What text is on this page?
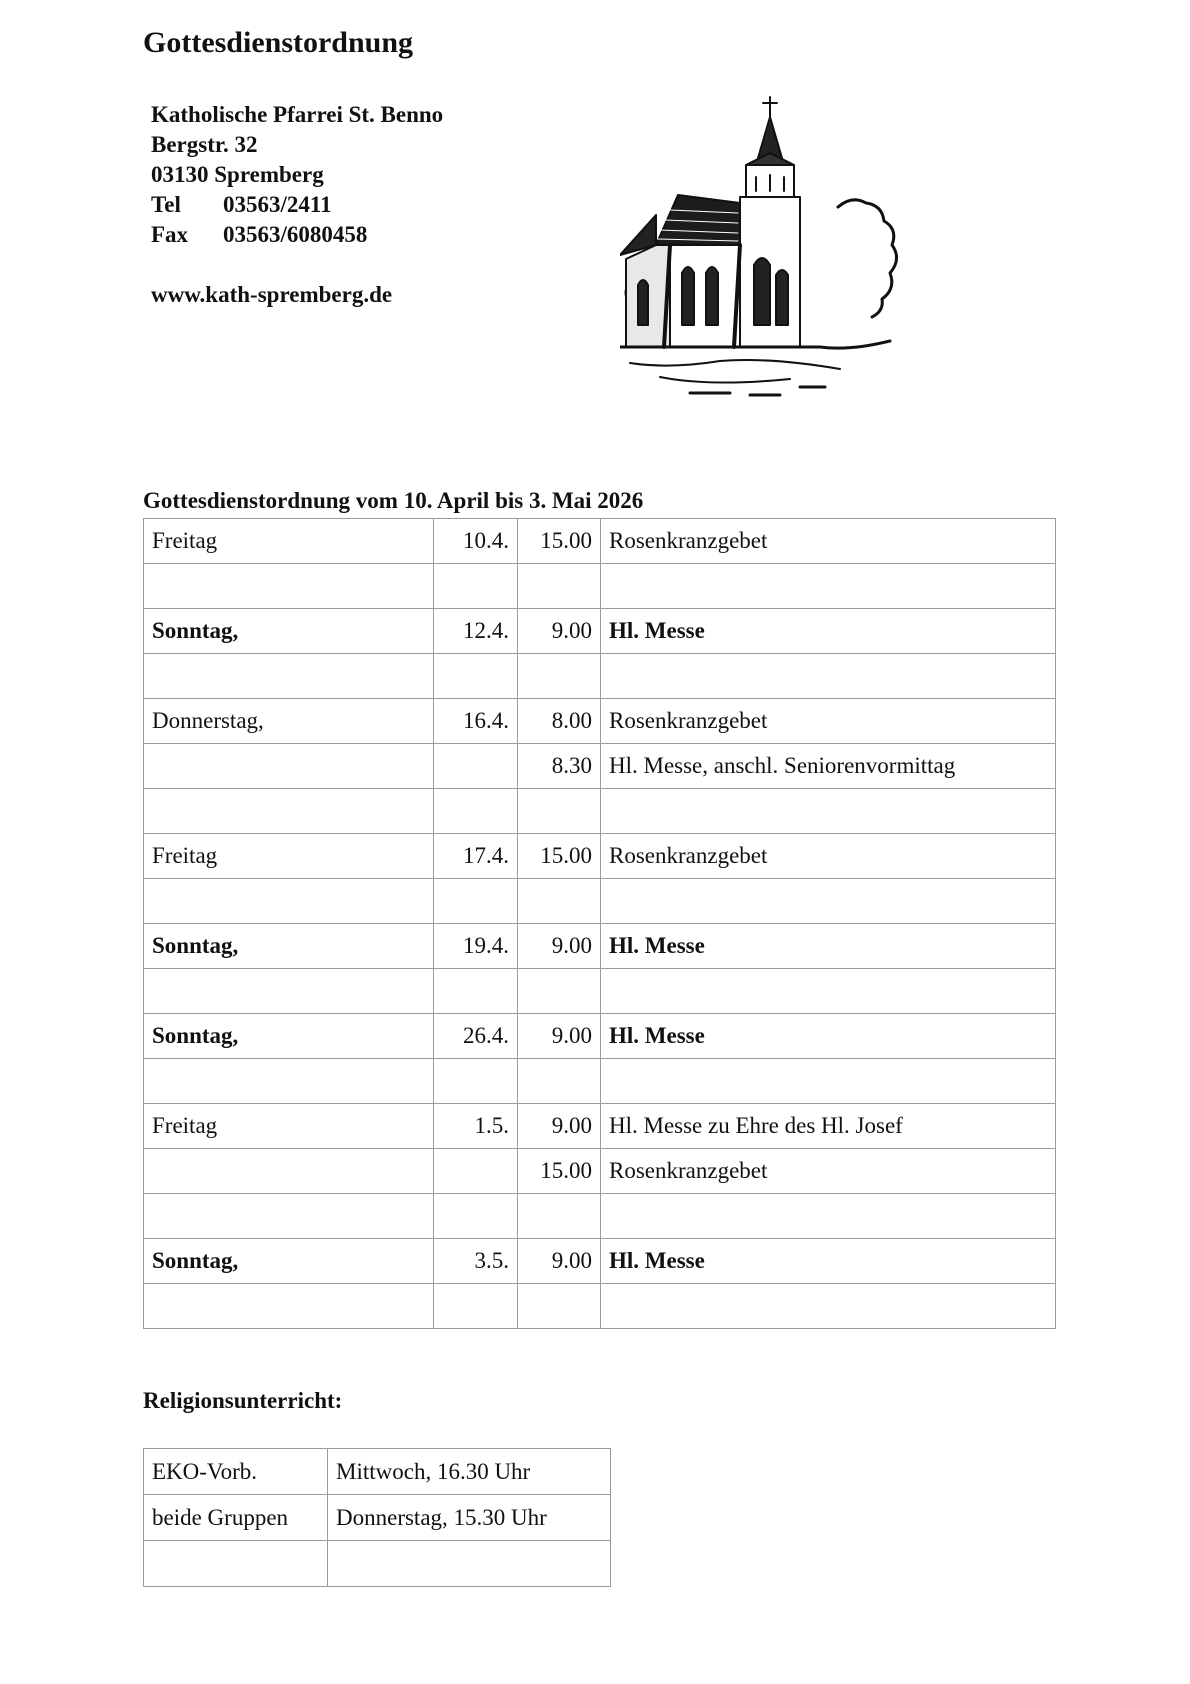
Gottesdienstordnung
Katholische Pfarrei St. Benno
Bergstr. 32
03130 Spremberg
Tel 03563/2411
Fax 03563/6080458
www.kath-spremberg.de
Gottesdienstordnung vom 10. April bis 3. Mai 2026
Freitag	10.4.	15.00	Rosenkranzgebet

Sonntag,	12.4.	9.00	Hl. Messe

Donnerstag,	16.4.	8.00	Rosenkranzgebet
		8.30	Hl. Messe, anschl. Seniorenvormittag

Freitag	17.4.	15.00	Rosenkranzgebet

Sonntag,	19.4.	9.00	Hl. Messe

Sonntag,	26.4.	9.00	Hl. Messe

Freitag	1.5.	9.00	Hl. Messe zu Ehre des Hl. Josef
		15.00	Rosenkranzgebet

Sonntag,	3.5.	9.00	Hl. Messe

Religionsunterricht:
EKO-Vorb.	Mittwoch, 16.30 Uhr
beide Gruppen	Donnerstag, 15.30 Uhr
